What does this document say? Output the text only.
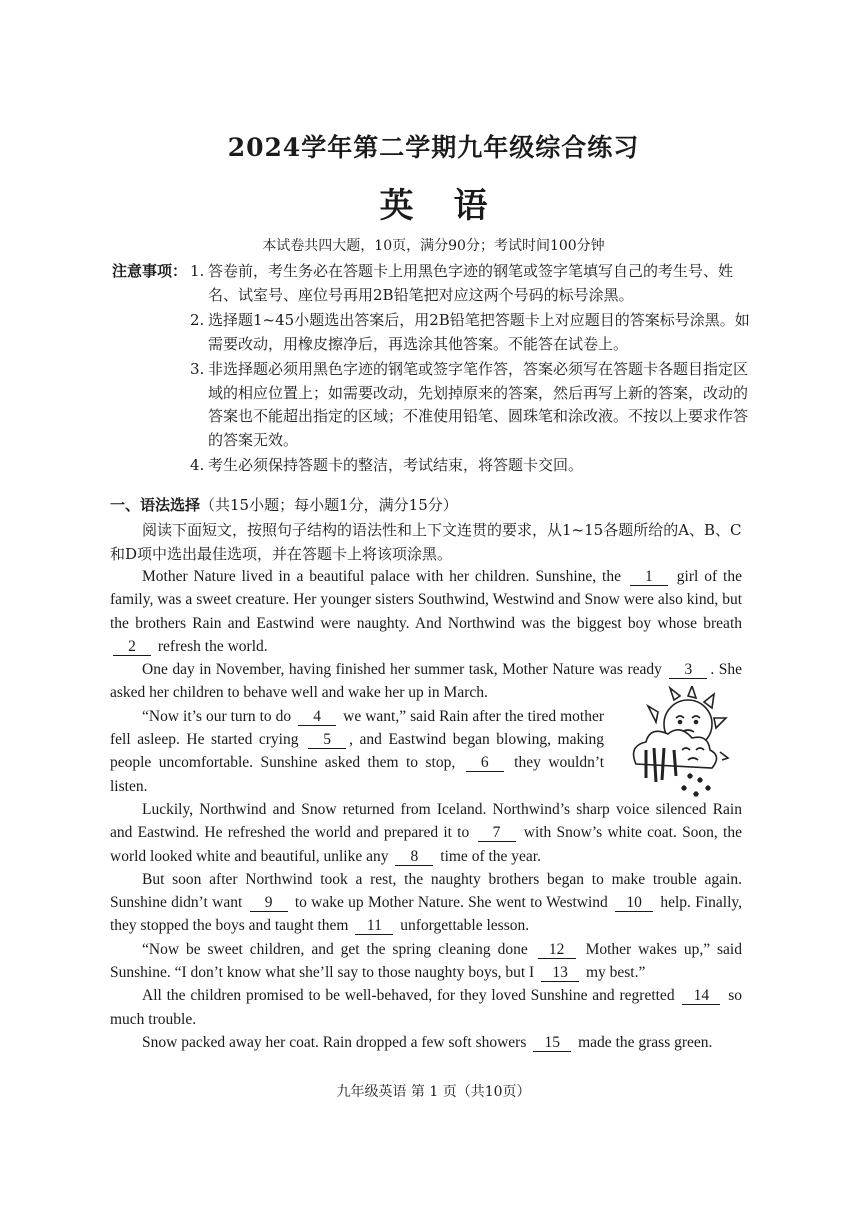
2024学年第二学期九年级综合练习
英语
本试卷共四大题，10页，满分90分；考试时间100分钟
注意事项： 1. 答卷前，考生务必在答题卡上用黑色字迹的钢笔或签字笔填写自己的考生号、姓名、试室号、座位号再用2B铅笔把对应这两个号码的标号涂黑。
2. 选择题1~45小题选出答案后，用2B铅笔把答题卡上对应题目的答案标号涂黑。如需要改动，用橡皮擦净后，再选涂其他答案。不能答在试卷上。
3. 非选择题必须用黑色字迹的钢笔或签字笔作答，答案必须写在答题卡各题目指定区域的相应位置上；如需要改动，先划掉原来的答案，然后再写上新的答案，改动的答案也不能超出指定的区域；不准使用铅笔、圆珠笔和涂改液。不按以上要求作答的答案无效。
4. 考生必须保持答题卡的整洁，考试结束，将答题卡交回。
一、语法选择（共15小题；每小题1分，满分15分）
阅读下面短文，按照句子结构的语法性和上下文连贯的要求，从1~15各题所给的A、B、C和D项中选出最佳选项，并在答题卡上将该项涂黑。

Mother Nature lived in a beautiful palace with her children. Sunshine, the 1 girl of the family, was a sweet creature. Her younger sisters Southwind, Westwind and Snow were also kind, but the brothers Rain and Eastwind were naughty. And Northwind was the biggest boy whose breath 2 refresh the world.

One day in November, having finished her summer task, Mother Nature was ready 3 . She asked her children to behave well and wake her up in March.

“Now it’s our turn to do 4 we want,” said Rain after the tired mother fell asleep. He started crying 5 , and Eastwind began blowing, making people uncomfortable. Sunshine asked them to stop, 6 they wouldn’t listen.

Luckily, Northwind and Snow returned from Iceland. Northwind’s sharp voice silenced Rain and Eastwind. He refreshed the world and prepared it to 7 with Snow’s white coat. Soon, the world looked white and beautiful, unlike any 8 time of the year.

But soon after Northwind took a rest, the naughty brothers began to make trouble again. Sunshine didn’t want 9 to wake up Mother Nature. She went to Westwind 10 help. Finally, they stopped the boys and taught them 11 unforgettable lesson.

“Now be sweet children, and get the spring cleaning done 12 Mother wakes up,” said Sunshine. “I don’t know what she’ll say to those naughty boys, but I 13 my best.”

All the children promised to be well-behaved, for they loved Sunshine and regretted 14 so much trouble.

Snow packed away her coat. Rain dropped a few soft showers 15 made the grass green.

九年级英语 第 1 页（共10页）
